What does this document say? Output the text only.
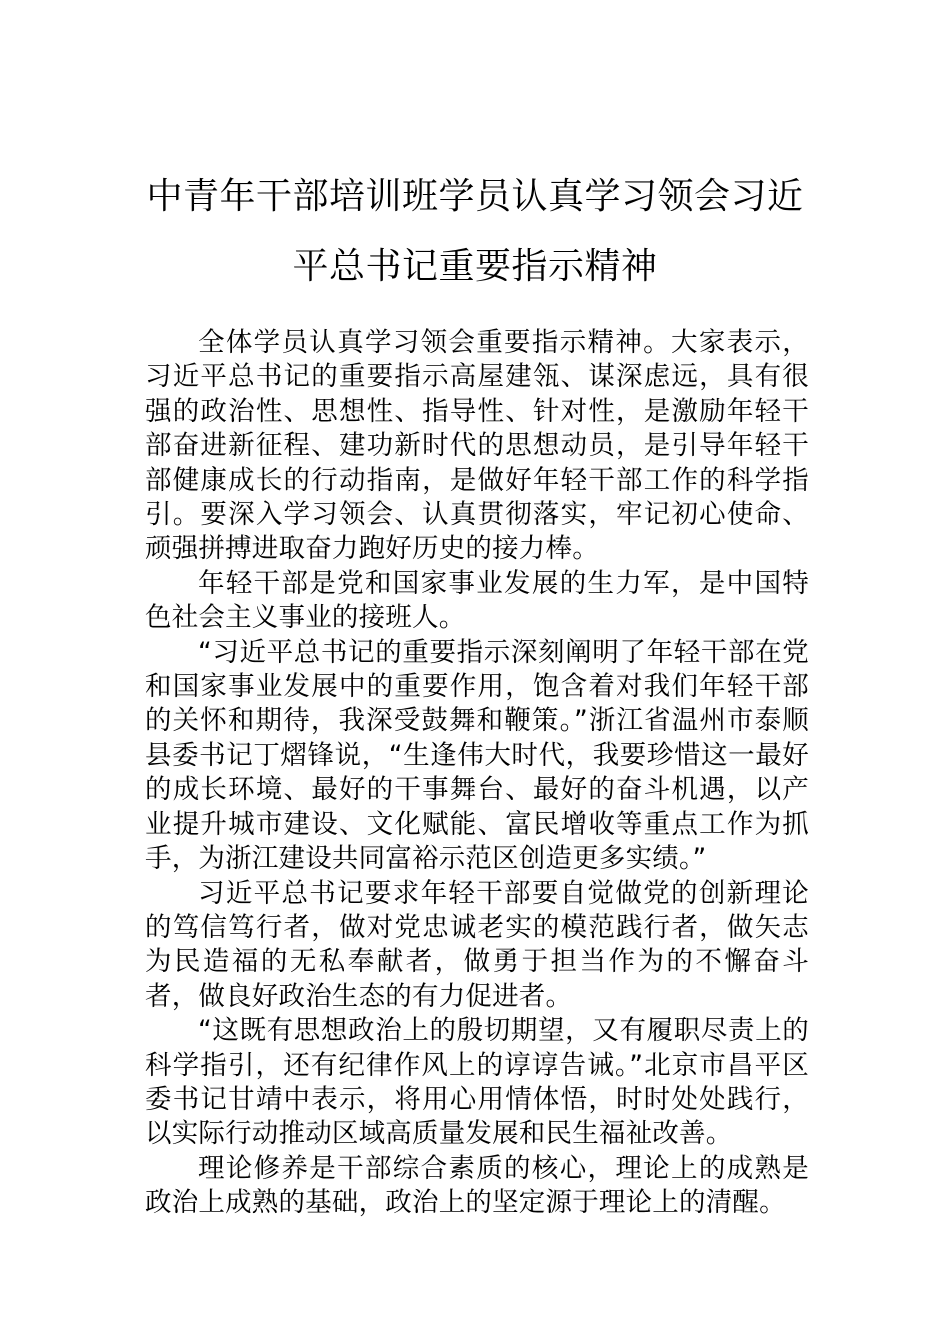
中青年干部培训班学员认真学习领会习近
平总书记重要指示精神

全体学员认真学习领会重要指示精神。大家表示，习近平总书记的重要指示高屋建瓴、谋深虑远，具有很强的政治性、思想性、指导性、针对性，是激励年轻干部奋进新征程、建功新时代的思想动员，是引导年轻干部健康成长的行动指南，是做好年轻干部工作的科学指引。要深入学习领会、认真贯彻落实，牢记初心使命、顽强拼搏进取奋力跑好历史的接力棒。

年轻干部是党和国家事业发展的生力军，是中国特色社会主义事业的接班人。

“习近平总书记的重要指示深刻阐明了年轻干部在党和国家事业发展中的重要作用，饱含着对我们年轻干部的关怀和期待，我深受鼓舞和鞭策。”浙江省温州市泰顺县委书记丁熠锋说，“生逢伟大时代，我要珍惜这一最好的成长环境、最好的干事舞台、最好的奋斗机遇，以产业提升城市建设、文化赋能、富民增收等重点工作为抓手，为浙江建设共同富裕示范区创造更多实绩。”

习近平总书记要求年轻干部要自觉做党的创新理论的笃信笃行者，做对党忠诚老实的模范践行者，做矢志为民造福的无私奉献者，做勇于担当作为的不懈奋斗者，做良好政治生态的有力促进者。

“这既有思想政治上的殷切期望，又有履职尽责上的科学指引，还有纪律作风上的谆谆告诫。”北京市昌平区委书记甘靖中表示，将用心用情体悟，时时处处践行，以实际行动推动区域高质量发展和民生福祉改善。

理论修养是干部综合素质的核心，理论上的成熟是政治上成熟的基础，政治上的坚定源于理论上的清醒。
